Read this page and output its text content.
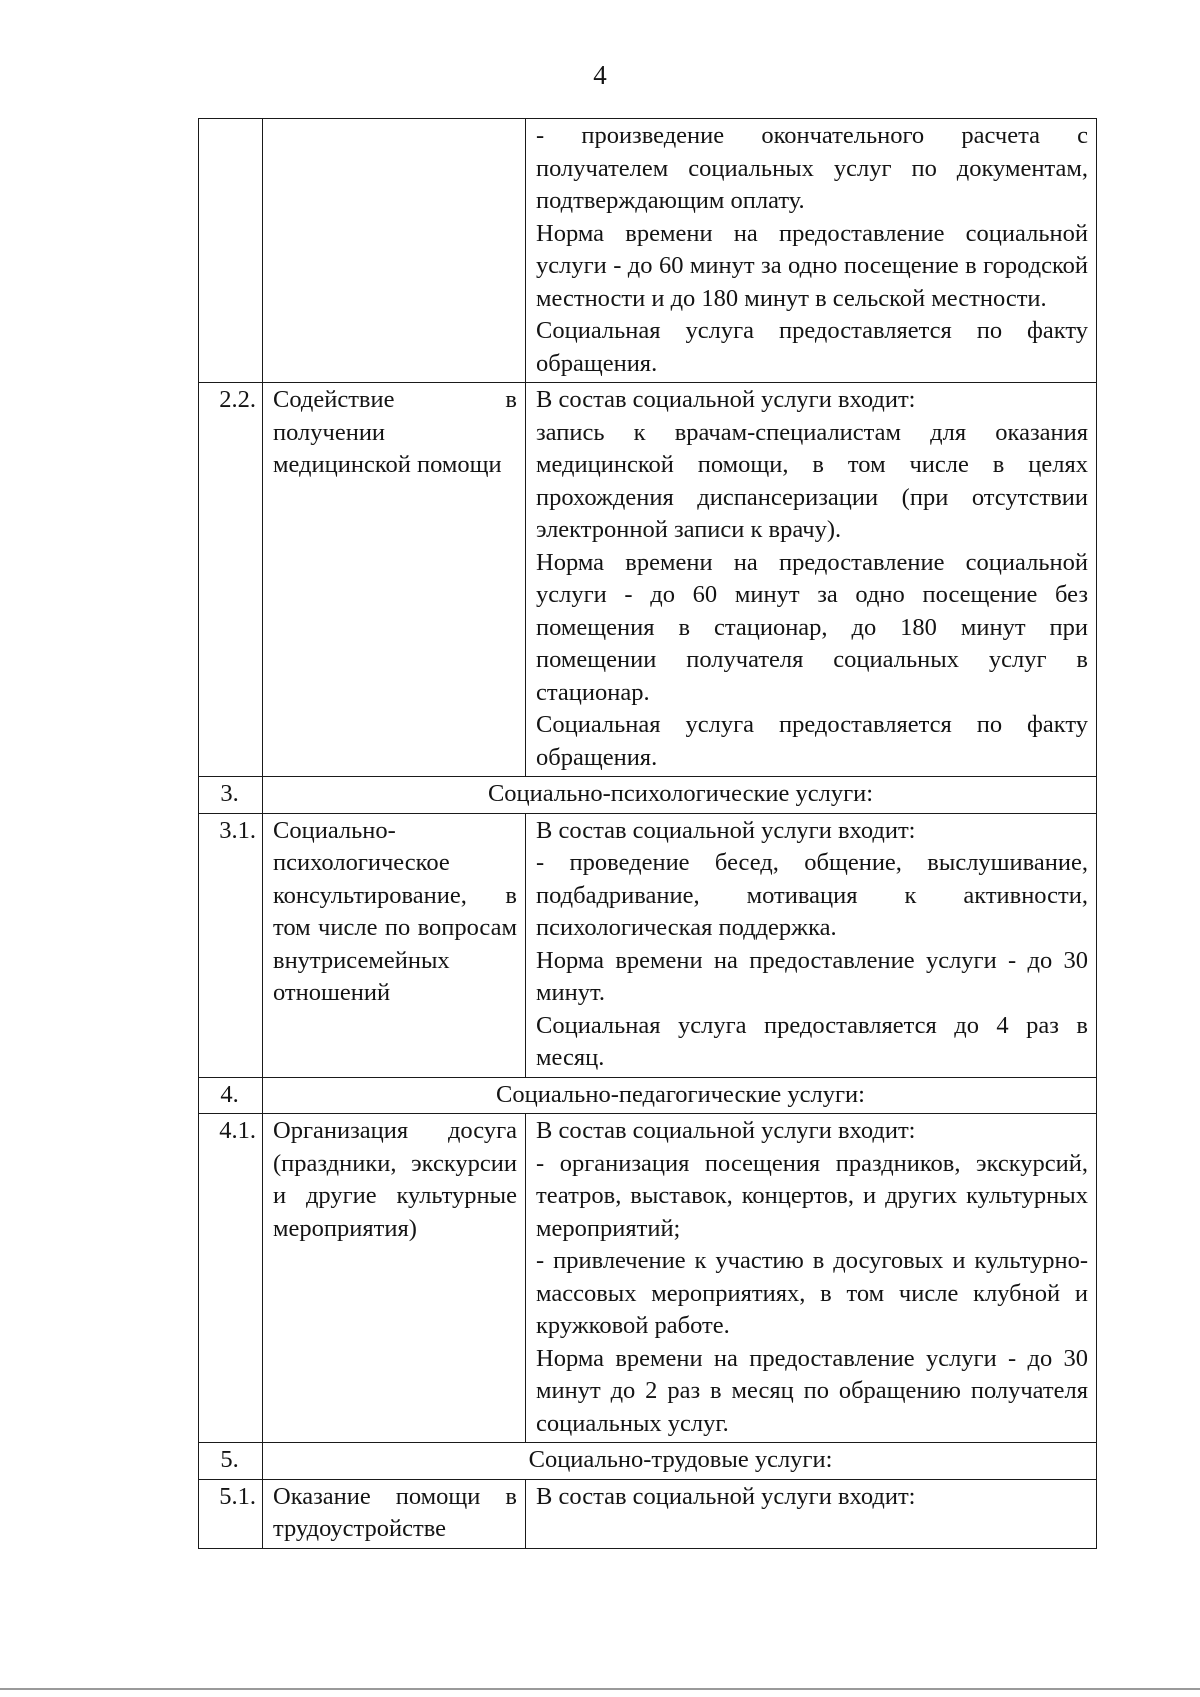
4

		- произведение окончательного расчета с получателем социальных услуг по документам, подтверждающим оплату.
Норма времени на предоставление социальной услуги - до 60 минут за одно посещение в городской местности и до 180 минут в сельской местности.
Социальная услуга предоставляется по факту обращения.

2.2.	Содействие в получении медицинской помощи	В состав социальной услуги входит:
запись к врачам-специалистам для оказания медицинской помощи, в том числе в целях прохождения диспансеризации (при отсутствии электронной записи к врачу).
Норма времени на предоставление социальной услуги - до 60 минут за одно посещение без помещения в стационар, до 180 минут при помещении получателя социальных услуг в стационар.
Социальная услуга предоставляется по факту обращения.

3.	Социально-психологические услуги:	
3.1.	Социально-психологическое консультирование, в том числе по вопросам внутрисемейных отношений	В состав социальной услуги входит:
- проведение бесед, общение, выслушивание, подбадривание, мотивация к активности, психологическая поддержка.
Норма времени на предоставление услуги - до 30 минут.
Социальная услуга предоставляется до 4 раз в месяц.

4.	Социально-педагогические услуги:	
4.1.	Организация досуга (праздники, экскурсии и другие культурные мероприятия)	В состав социальной услуги входит:
- организация посещения праздников, экскурсий, театров, выставок, концертов, и других культурных мероприятий;
- привлечение к участию в досуговых и культурно-массовых мероприятиях, в том числе клубной и кружковой работе.
Норма времени на предоставление услуги - до 30 минут до 2 раз в месяц по обращению получателя социальных услуг.

5.	Социально-трудовые услуги:	
5.1.	Оказание помощи в трудоустройстве	В состав социальной услуги входит:
